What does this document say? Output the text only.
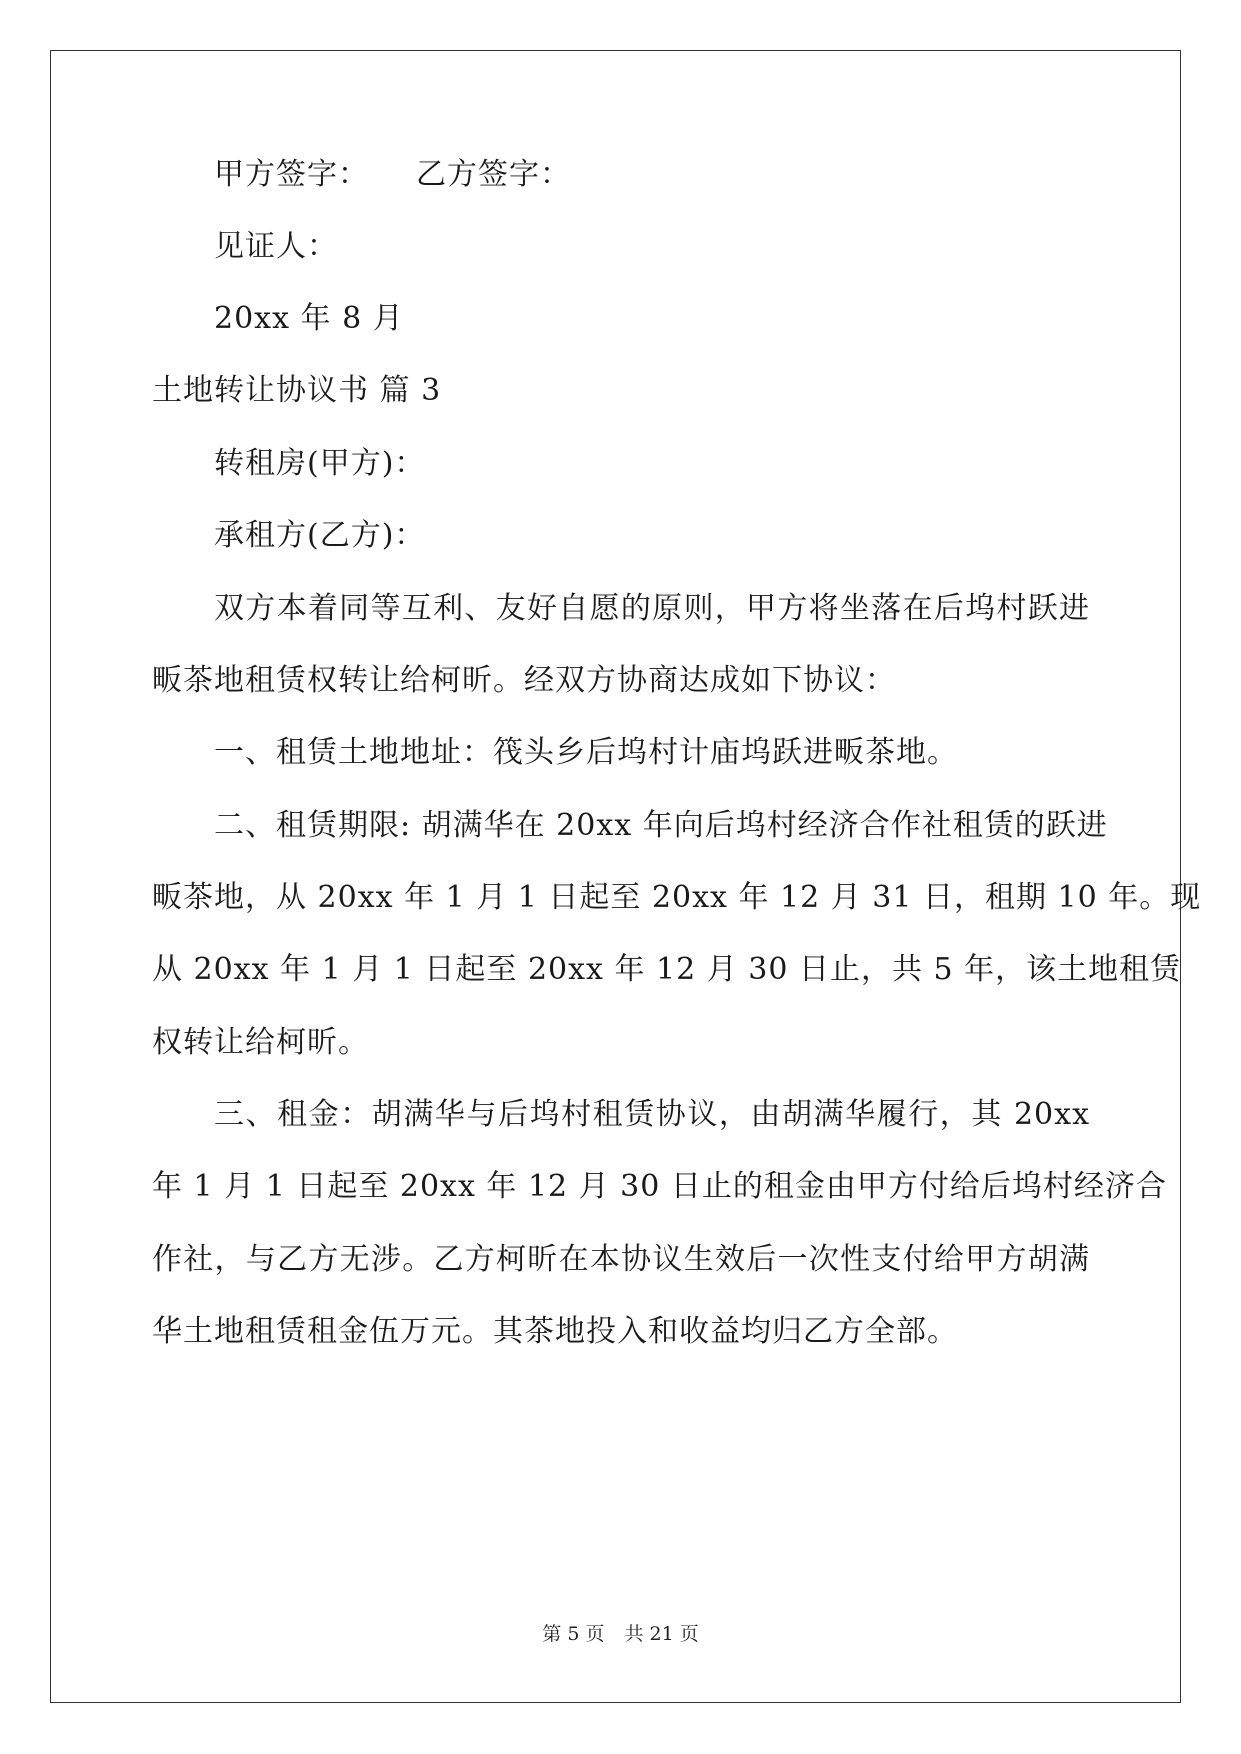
甲方签字：　　乙方签字：
见证人：
20xx 年 8 月
土地转让协议书 篇 3
转租房(甲方)：
承租方(乙方)：
双方本着同等互利、友好自愿的原则，甲方将坐落在后坞村跃进
畈茶地租赁权转让给柯昕。经双方协商达成如下协议：
一、租赁土地地址：筏头乡后坞村计庙坞跃进畈茶地。
二、租赁期限: 胡满华在 20xx 年向后坞村经济合作社租赁的跃进
畈茶地，从 20xx 年 1 月 1 日起至 20xx 年 12 月 31 日，租期 10 年。现
从 20xx 年 1 月 1 日起至 20xx 年 12 月 30 日止，共 5 年，该土地租赁
权转让给柯昕。
三、租金：胡满华与后坞村租赁协议，由胡满华履行，其 20xx
年 1 月 1 日起至 20xx 年 12 月 30 日止的租金由甲方付给后坞村经济合
作社，与乙方无涉。乙方柯昕在本协议生效后一次性支付给甲方胡满
华土地租赁租金伍万元。其茶地投入和收益均归乙方全部。
第 5 页 共 21 页
